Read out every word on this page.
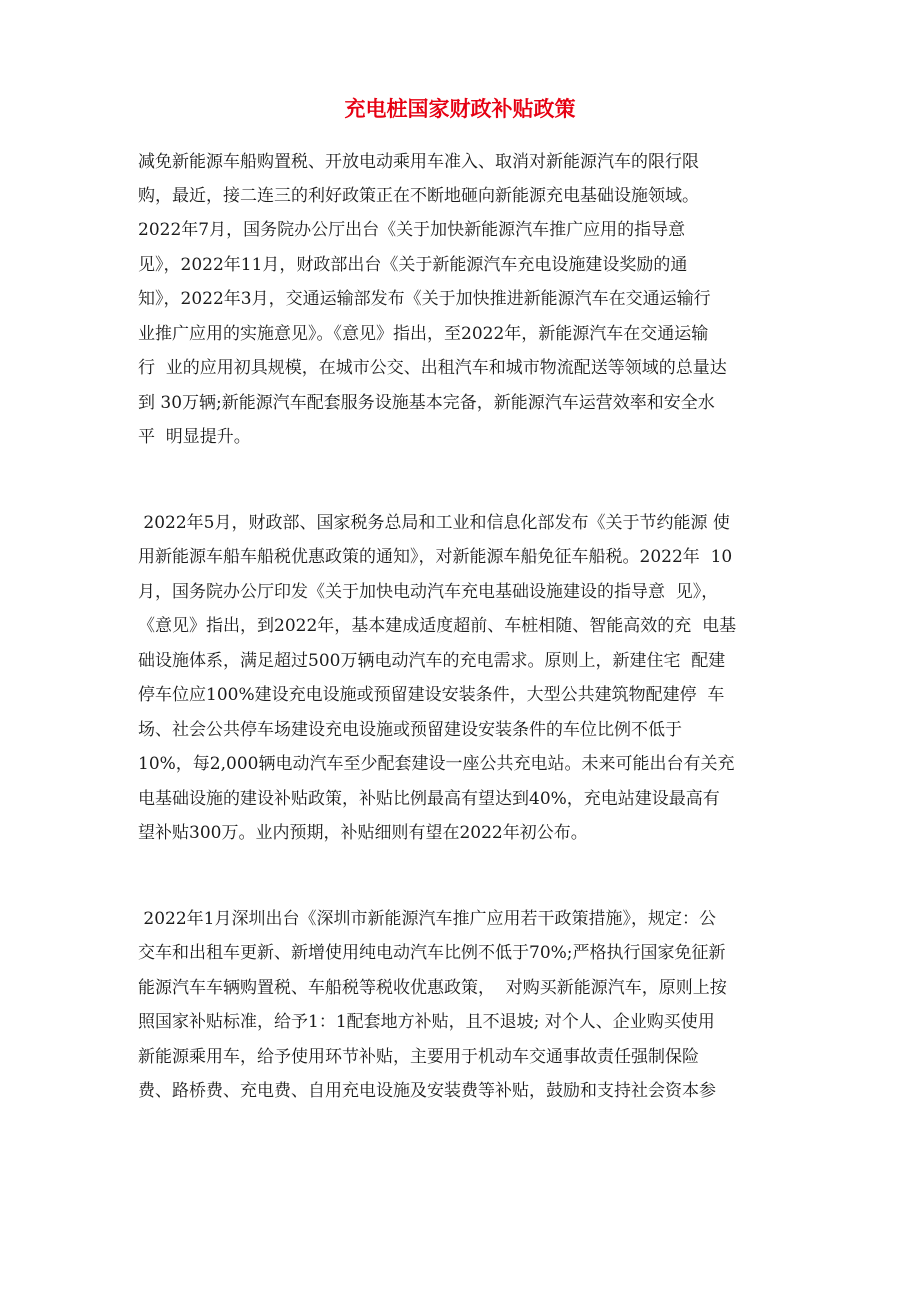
充电桩国家财政补贴政策
减免新能源车船购置税、开放电动乘用车准入、取消对新能源汽车的限行限
购，最近，接二连三的利好政策正在不断地砸向新能源充电基础设施领域。
2022年7月，国务院办公厅出台《关于加快新能源汽车推广应用的指导意
见》，2022年11月，财政部出台《关于新能源汽车充电设施建设奖励的通
知》，2022年3月，交通运输部发布《关于加快推进新能源汽车在交通运输行
业推广应用的实施意见》。《意见》指出，至2022年，新能源汽车在交通运输
行  业的应用初具规模，在城市公交、出租汽车和城市物流配送等领域的总量达
到 30万辆;新能源汽车配套服务设施基本完备，新能源汽车运营效率和安全水
平  明显提升。
2022年5月，财政部、国家税务总局和工业和信息化部发布《关于节约能源 使
用新能源车船车船税优惠政策的通知》，对新能源车船免征车船税。2022年  10
月，国务院办公厅印发《关于加快电动汽车充电基础设施建设的指导意  见》，
《意见》指出，到2022年，基本建成适度超前、车桩相随、智能高效的充  电基
础设施体系，满足超过500万辆电动汽车的充电需求。原则上，新建住宅  配建
停车位应100%建设充电设施或预留建设安装条件，大型公共建筑物配建停  车
场、社会公共停车场建设充电设施或预留建设安装条件的车位比例不低于
10%，每2,000辆电动汽车至少配套建设一座公共充电站。未来可能出台有关充
电基础设施的建设补贴政策，补贴比例最高有望达到40%，充电站建设最高有
望补贴300万。业内预期，补贴细则有望在2022年初公布。
2022年1月深圳出台《深圳市新能源汽车推广应用若干政策措施》，规定：公
交车和出租车更新、新增使用纯电动汽车比例不低于70%;严格执行国家免征新
能源汽车车辆购置税、车船税等税收优惠政策，  对购买新能源汽车，原则上按
照国家补贴标准，给予1：1配套地方补贴，且不退坡; 对个人、企业购买使用
新能源乘用车，给予使用环节补贴，主要用于机动车交通事故责任强制保险
费、路桥费、充电费、自用充电设施及安装费等补贴，鼓励和支持社会资本参
